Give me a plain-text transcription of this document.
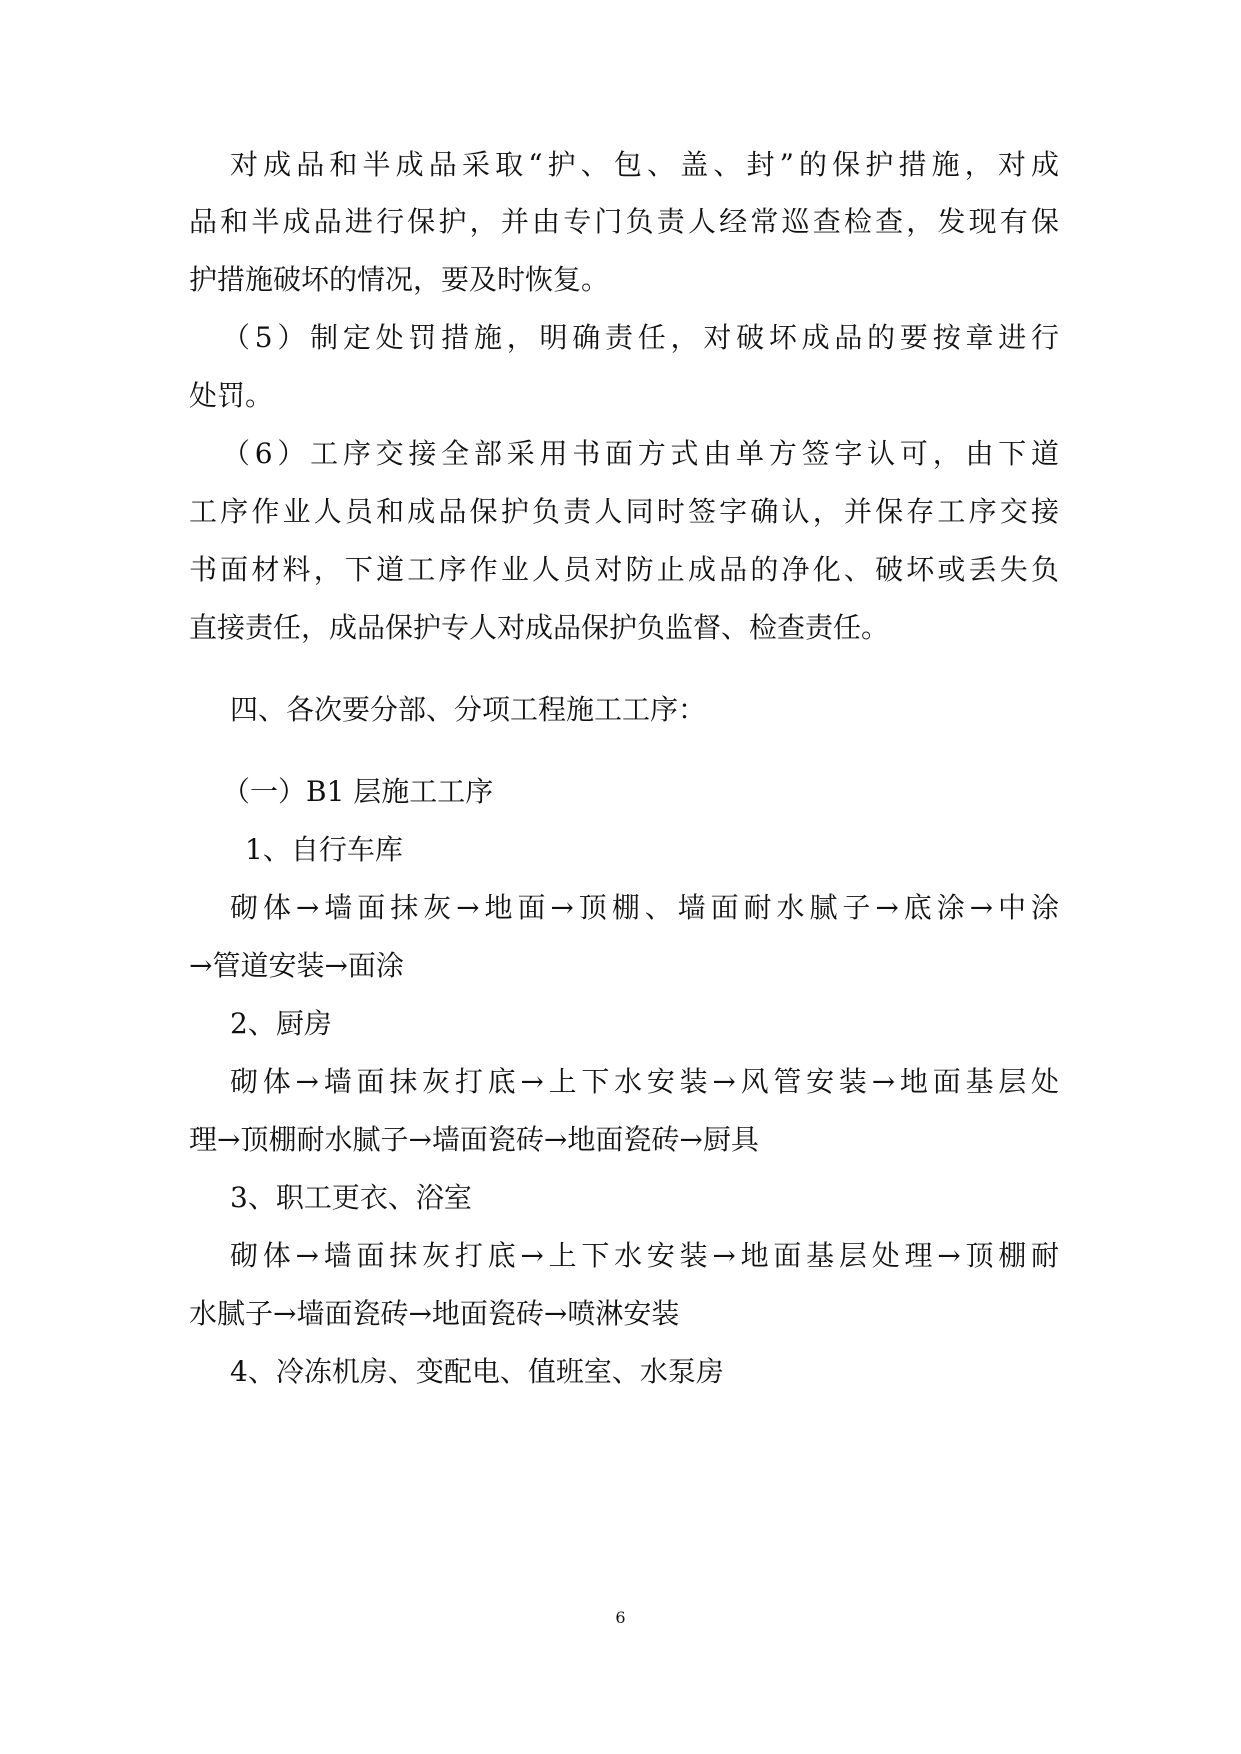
对成品和半成品采取“护、包、盖、封”的保护措施，对成
品和半成品进行保护，并由专门负责人经常巡查检查，发现有保
护措施破坏的情况，要及时恢复。
（5）制定处罚措施，明确责任，对破坏成品的要按章进行
处罚。
（6）工序交接全部采用书面方式由单方签字认可，由下道
工序作业人员和成品保护负责人同时签字确认，并保存工序交接
书面材料，下道工序作业人员对防止成品的净化、破坏或丢失负
直接责任，成品保护专人对成品保护负监督、检查责任。
四、各次要分部、分项工程施工工序：
（一）B1 层施工工序
1、自行车库
砌体→墙面抹灰→地面→顶棚、墙面耐水腻子→底涂→中涂
→管道安装→面涂
2、厨房
砌体→墙面抹灰打底→上下水安装→风管安装→地面基层处
理→顶棚耐水腻子→墙面瓷砖→地面瓷砖→厨具
3、职工更衣、浴室
砌体→墙面抹灰打底→上下水安装→地面基层处理→顶棚耐
水腻子→墙面瓷砖→地面瓷砖→喷淋安装
4、冷冻机房、变配电、值班室、水泵房
6
